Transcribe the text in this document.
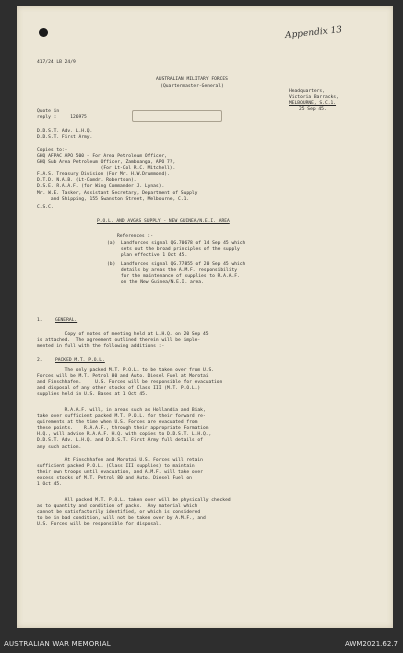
Appendix 13
417/24 LB 24/9
AUSTRALIAN MILITARY FORCES
(Quartermaster-General)
Headquarters,
Victoria Barracks,
MELBOURNE, S.C.1.
25 Sep 45.
Quote in
reply :     126975
D.D.S.T. Adv. L.H.Q.
D.D.S.T. First Army.
Copies to:-
GHQ AFPAC APO 500 - For Area Petroleum Officer,
GHQ Sub Area Petroleum Officer, Zamboanga, APO 7?,
(For Lt-Col R.C. Mitchell).
F.A.S. Treasury Division (For Mr. H.W.Drummond).
D.T.D. N.A.B. (Lt-Comdr. Robertson).
D.S.E. R.A.A.F. (for Wing Commander J. Lynas).
Mr. W.E. Tasker, Assistant Secretary, Department of Supply
and Shipping, 155 Swanston Street, Melbourne, C.1.
C.S.C.
P.O.L. AND AVGAS SUPPLY - NEW GUINEA/N.E.I. AREA
References :-
(a)  Landforces signal QG.70678 of 14 Sep 45 which
sets out the broad principles of the supply
plan effective 1 Oct 45.
(b)  Landforces signal QG.77855 of 20 Sep 45 which
details by areas the A.M.F. responsibility
for the maintenance of supplies to R.A.A.F.
on the New Guinea/N.E.I. area.
1.	GENERAL.
Copy of notes of meeting held at L.H.Q. on 20 Sep 45
is attached.  The agreement outlined therein will be imple-
mented in full with the following additions :-
2.	PACKED M.T. P.O.L.
The only packed M.T. P.O.L. to be taken over from U.S.
Forces will be M.T. Petrol 80 and Auto. Diesel Fuel at Morotai
and Finschhafen.     U.S. Forces will be responsible for evacuation
and disposal of any other stocks of Class III (M.T. P.O.L.)
supplies held in U.S. Bases at 1 Oct 45.
R.A.A.F. will, in areas such as Hollandia and Biak,
take over sufficient packed M.T. P.O.L. for their forward re-
quirements at the time when U.S. Forces are evacuated from
these points.    R.A.A.F., through their appropriate Formation
H.Q., will advise R.A.A.F. H.Q. with copies to D.D.S.T. L.H.Q.,
D.D.S.T. Adv. L.H.Q. and D.D.S.T. First Army full details of
any such action.
At Finschhafen and Morotai U.S. Forces will retain
sufficient packed P.O.L. (Class III supplies) to maintain
their own troops until evacuation, and A.M.F. will take over
excess stocks of M.T. Petrol 80 and Auto. Diesel Fuel on
1 Oct 45.
All packed M.T. P.O.L. taken over will be physically checked
as to quantity and condition of packs.  Any material which
cannot be satisfactorily identified, or which is considered
to be in bad condition, will not be taken over by A.M.F., and
U.S. Forces will be responsible for disposal.
AUSTRALIAN WAR MEMORIAL	AWM2021.62.7
